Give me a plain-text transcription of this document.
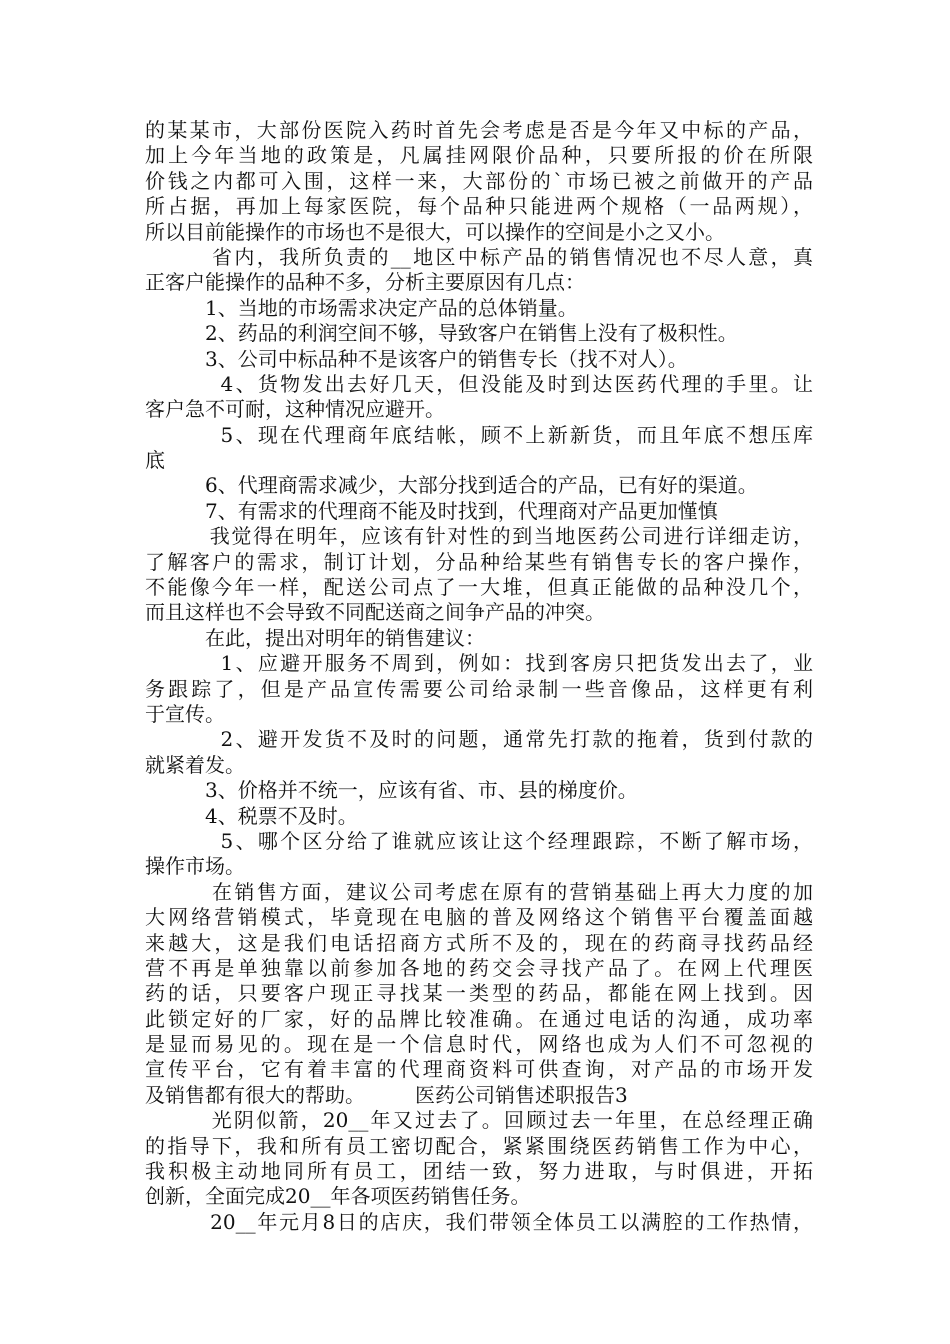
的某某市，大部份医院入药时首先会考虑是否是今年又中标的产品，
加上今年当地的政策是，凡属挂网限价品种，只要所报的价在所限
价钱之内都可入围，这样一来，大部份的`市场已被之前做开的产品
所占据，再加上每家医院，每个品种只能进两个规格（一品两规），
所以目前能操作的市场也不是很大，可以操作的空间是小之又小。
　　　省内，我所负责的__地区中标产品的销售情况也不尽人意，真
正客户能操作的品种不多，分析主要原因有几点：
　　　1、当地的市场需求决定产品的总体销量。
　　　2、药品的利润空间不够，导致客户在销售上没有了极积性。
　　　3、公司中标品种不是该客户的销售专长（找不对人）。
　　　 4、货物发出去好几天，但没能及时到达医药代理的手里。让
客户急不可耐，这种情况应避开。
　　　 5、现在代理商年底结帐，顾不上新新货，而且年底不想压库
底
　　　6、代理商需求减少，大部分找到适合的产品，已有好的渠道。
　　　7、有需求的代理商不能及时找到，代理商对产品更加慬慎
　　　我觉得在明年，应该有针对性的到当地医药公司进行详细走访，
了解客户的需求，制订计划，分品种给某些有销售专长的客户操作，
不能像今年一样，配送公司点了一大堆，但真正能做的品种没几个，
而且这样也不会导致不同配送商之间争产品的冲突。
　　　在此，提出对明年的销售建议：
　　　 1、应避开服务不周到，例如：找到客房只把货发出去了，业
务跟踪了，但是产品宣传需要公司给录制一些音像品，这样更有利
于宣传。
　　　 2、避开发货不及时的问题，通常先打款的拖着，货到付款的
就紧着发。
　　　3、价格并不统一，应该有省、市、县的梯度价。
　　　4、税票不及时。
　　　 5、哪个区分给了谁就应该让这个经理跟踪，不断了解市场，
操作市场。
　　　在销售方面，建议公司考虑在原有的营销基础上再大力度的加
大网络营销模式，毕竟现在电脑的普及网络这个销售平台覆盖面越
来越大，这是我们电话招商方式所不及的，现在的药商寻找药品经
营不再是单独靠以前参加各地的药交会寻找产品了。在网上代理医
药的话，只要客户现正寻找某一类型的药品，都能在网上找到。因
此锁定好的厂家，好的品牌比较准确。在通过电话的沟通，成功率
是显而易见的。现在是一个信息时代，网络也成为人们不可忽视的
宣传平台，它有着丰富的代理商资料可供查询，对产品的市场开发
及销售都有很大的帮助。　　　医药公司销售述职报告3
　　　光阴似箭，20__年又过去了。回顾过去一年里，在总经理正确
的指导下，我和所有员工密切配合，紧紧围绕医药销售工作为中心，
我积极主动地同所有员工，团结一致，努力进取，与时俱进，开拓
创新，全面完成20__年各项医药销售任务。
　　　20__年元月8日的店庆，我们带领全体员工以满腔的工作热情，
